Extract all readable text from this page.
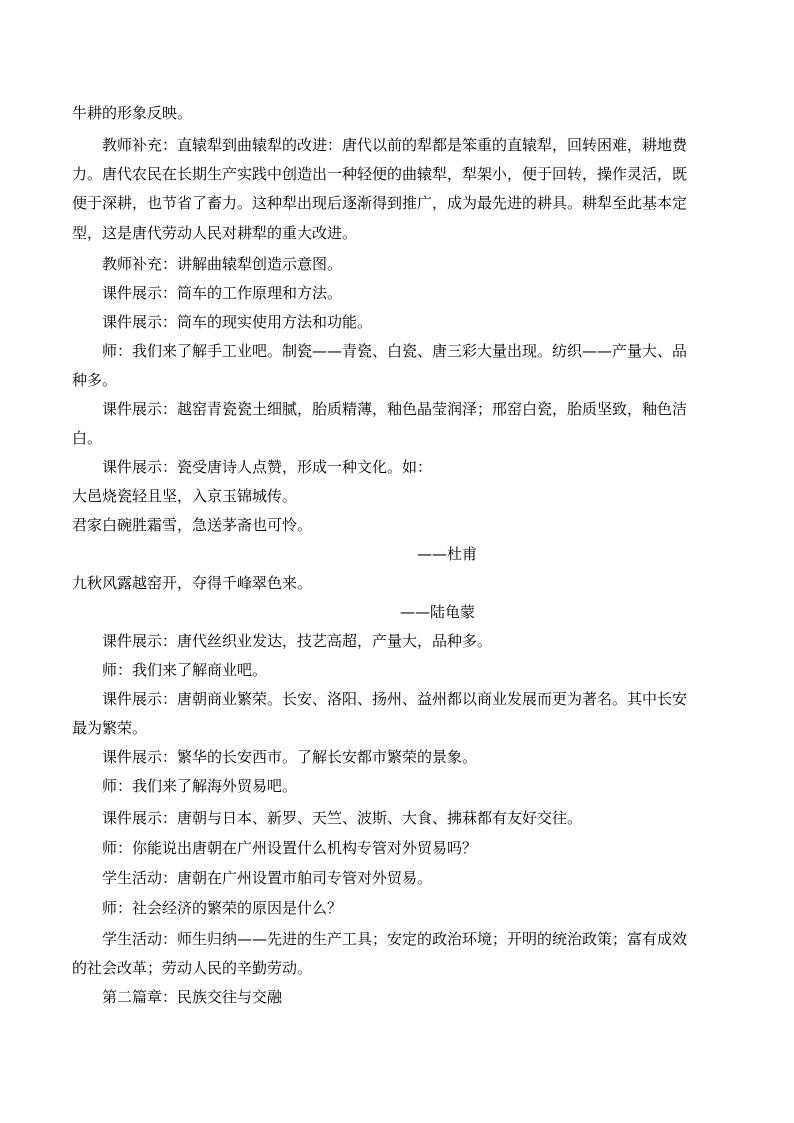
牛耕的形象反映。
教师补充：直辕犁到曲辕犁的改进：唐代以前的犁都是笨重的直辕犁，回转困难，耕地费
力。唐代农民在长期生产实践中创造出一种轻便的曲辕犁，犁架小，便于回转，操作灵活，既
便于深耕，也节省了畜力。这种犁出现后逐渐得到推广，成为最先进的耕具。耕犁至此基本定
型，这是唐代劳动人民对耕犁的重大改进。
教师补充：讲解曲辕犁创造示意图。
课件展示：筒车的工作原理和方法。
课件展示：筒车的现实使用方法和功能。
师：我们来了解手工业吧。制瓷——青瓷、白瓷、唐三彩大量出现。纺织——产量大、品
种多。
课件展示：越窑青瓷瓷土细腻，胎质精薄，釉色晶莹润泽；邢窑白瓷，胎质坚致，釉色洁
白。
课件展示：瓷受唐诗人点赞，形成一种文化。如：
大邑烧瓷轻且坚，入京玉锦城传。
君家白碗胜霜雪，急送茅斋也可怜。
——杜甫
九秋风露越窑开，夺得千峰翠色来。
——陆龟蒙
课件展示：唐代丝织业发达，技艺高超，产量大，品种多。
师：我们来了解商业吧。
课件展示：唐朝商业繁荣。长安、洛阳、扬州、益州都以商业发展而更为著名。其中长安
最为繁荣。
课件展示：繁华的长安西市。了解长安都市繁荣的景象。
师：我们来了解海外贸易吧。
课件展示：唐朝与日本、新罗、天竺、波斯、大食、拂菻都有友好交往。
师：你能说出唐朝在广州设置什么机构专管对外贸易吗？
学生活动：唐朝在广州设置市舶司专管对外贸易。
师：社会经济的繁荣的原因是什么？
学生活动：师生归纳——先进的生产工具；安定的政治环境；开明的统治政策；富有成效
的社会改革；劳动人民的辛勤劳动。
第二篇章：民族交往与交融
